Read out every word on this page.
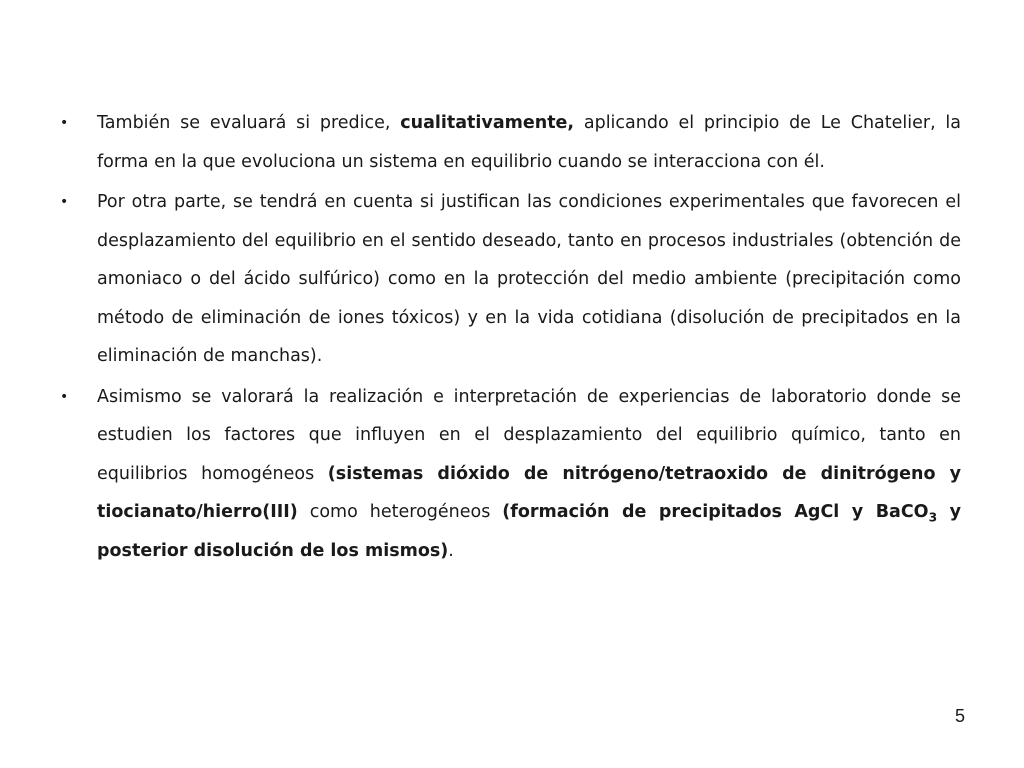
•	También se evaluará si predice, cualitativamente, aplicando el principio de Le Chatelier, la forma en la que evoluciona un sistema en equilibrio cuando se interacciona con él.
•	Por otra parte, se tendrá en cuenta si justifican las condiciones experimentales que favorecen el desplazamiento del equilibrio en el sentido deseado, tanto en procesos industriales (obtención de amoniaco o del ácido sulfúrico) como en la protección del medio ambiente (precipitación como método de eliminación de iones tóxicos) y en la vida cotidiana (disolución de precipitados en la eliminación de manchas).
•	Asimismo se valorará la realización e interpretación de experiencias de laboratorio donde se estudien los factores que influyen en el desplazamiento del equilibrio químico, tanto en equilibrios homogéneos (sistemas dióxido de nitrógeno/tetraoxido de dinitrógeno y tiocianato/hierro(III) como heterogéneos (formación de precipitados AgCl y BaCO$_3$ y posterior disolución de los mismos).
5
